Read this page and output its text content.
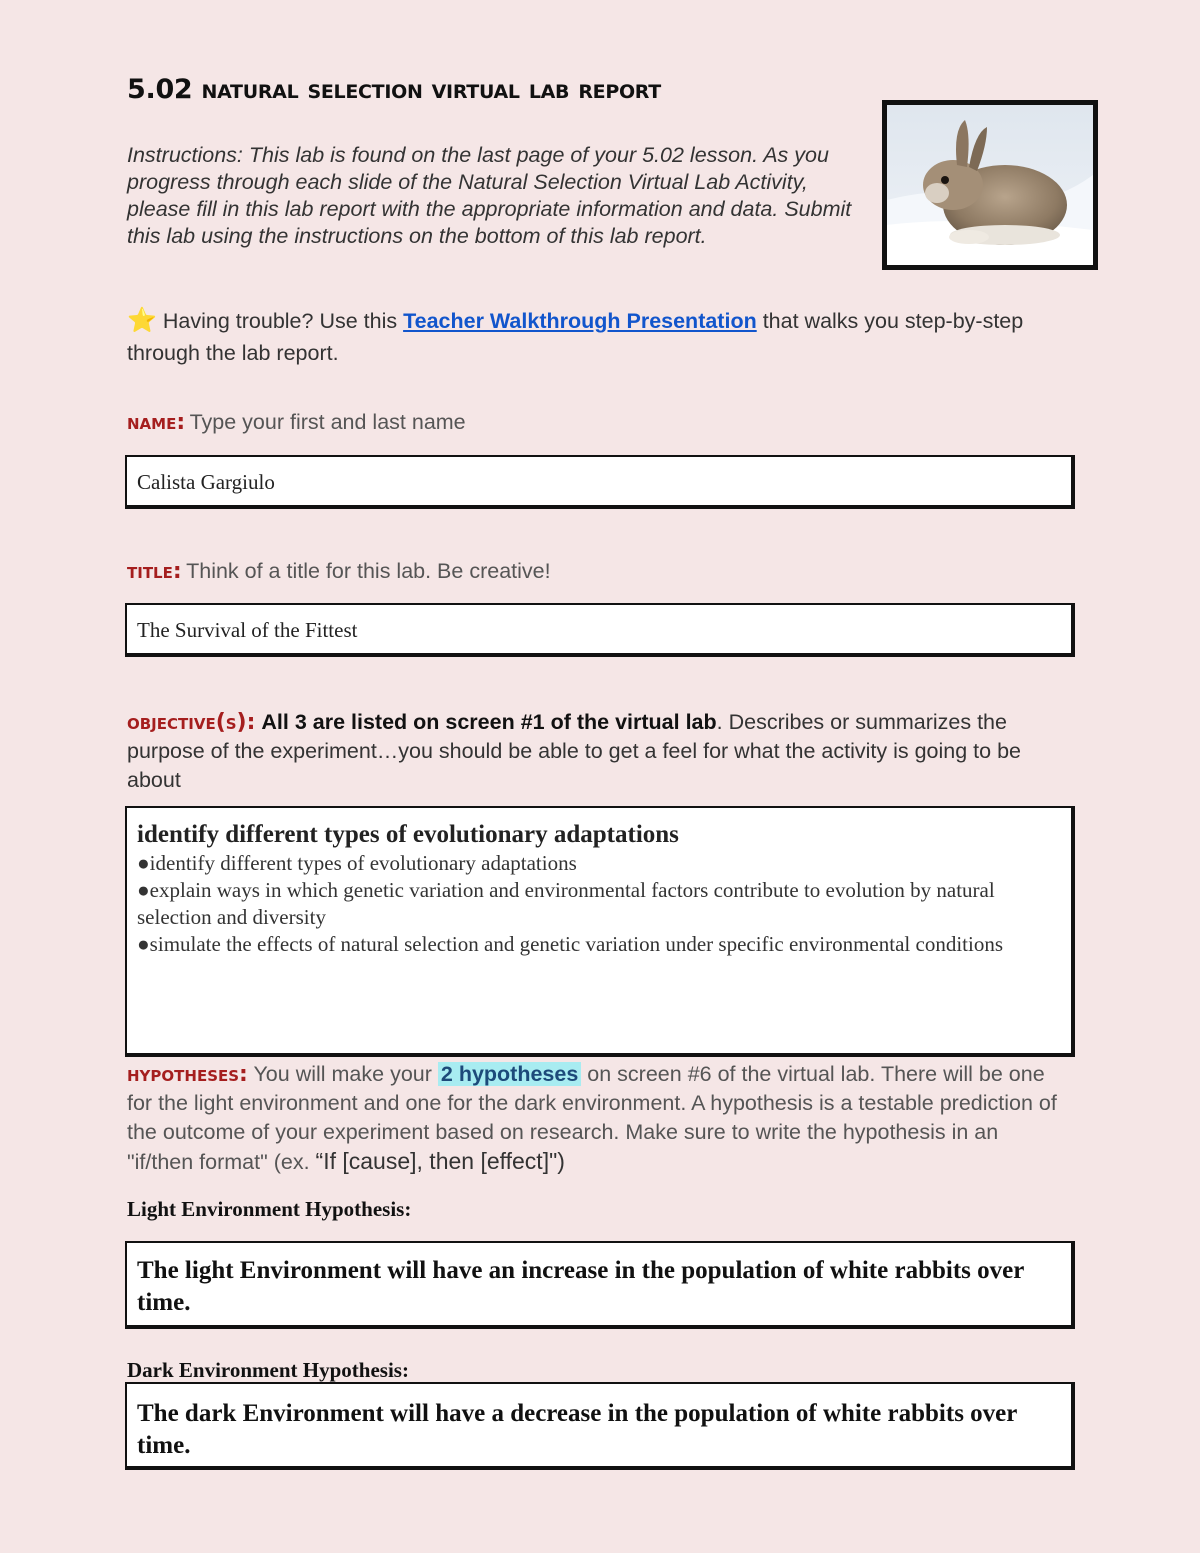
5.02 natural selection virtual lab report
Instructions: This lab is found on the last page of your 5.02 lesson. As you progress through each slide of the Natural Selection Virtual Lab Activity, please fill in this lab report with the appropriate information and data. Submit this lab using the instructions on the bottom of this lab report.
⭐ Having trouble? Use this Teacher Walkthrough Presentation that walks you step-by-step through the lab report.
name: Type your first and last name
Calista Gargiulo
title: Think of a title for this lab. Be creative!
The Survival of the Fittest
objective(s): All 3 are listed on screen #1 of the virtual lab. Describes or summarizes the purpose of the experiment…you should be able to get a feel for what the activity is going to be about
identify different types of evolutionary adaptations
●identify different types of evolutionary adaptations
●explain ways in which genetic variation and environmental factors contribute to evolution by natural
selection and diversity
●simulate the effects of natural selection and genetic variation under specific environmental conditions
hypotheses: You will make your 2 hypotheses on screen #6 of the virtual lab. There will be one for the light environment and one for the dark environment. A hypothesis is a testable prediction of the outcome of your experiment based on research. Make sure to write the hypothesis in an "if/then format" (ex. “If [cause], then [effect]")
Light Environment Hypothesis:
The light Environment will have an increase in the population of white rabbits over time.
Dark Environment Hypothesis:
The dark Environment will have a decrease in the population of white rabbits over time.
